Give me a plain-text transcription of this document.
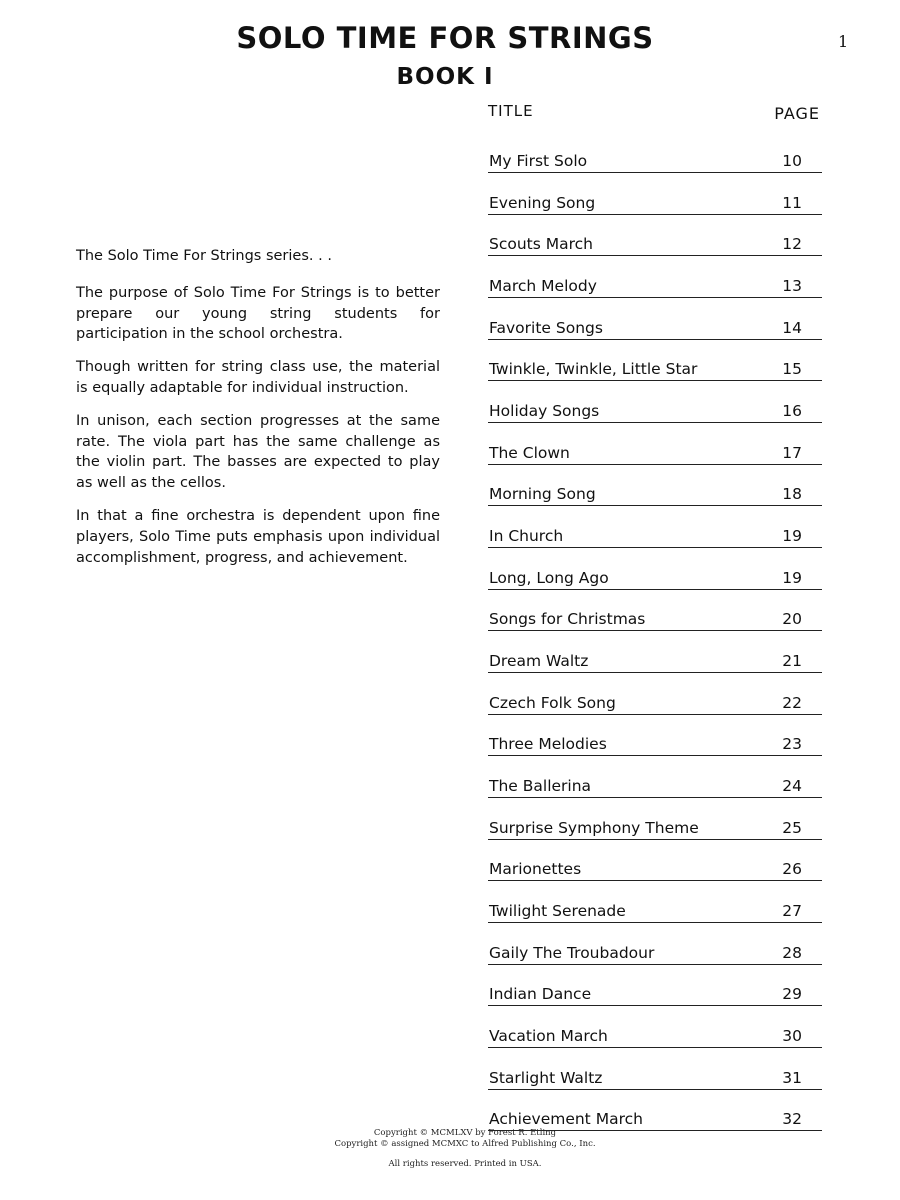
SOLO TIME FOR STRINGS
BOOK I
1

The Solo Time For Strings series. . .

The purpose of Solo Time For Strings is to better prepare our young string students for participation in the school orchestra.

Though written for string class use, the material is equally adaptable for individual instruction.

In unison, each section progresses at the same rate. The viola part has the same challenge as the violin part. The basses are expected to play as well as the cellos.

In that a fine orchestra is dependent upon fine players, Solo Time puts emphasis upon individual accomplishment, progress, and achievement.

TITLE	PAGE
My First Solo	10
Evening Song	11
Scouts March	12
March Melody	13
Favorite Songs	14
Twinkle, Twinkle, Little Star	15
Holiday Songs	16
The Clown	17
Morning Song	18
In Church	19
Long, Long Ago	19
Songs for Christmas	20
Dream Waltz	21
Czech Folk Song	22
Three Melodies	23
The Ballerina	24
Surprise Symphony Theme	25
Marionettes	26
Twilight Serenade	27
Gaily The Troubadour	28
Indian Dance	29
Vacation March	30
Starlight Waltz	31
Achievement March	32
Copyright © MCMLXV by Forest R. Etling
Copyright © assigned MCMXC to Alfred Publishing Co., Inc.
All rights reserved. Printed in USA.
